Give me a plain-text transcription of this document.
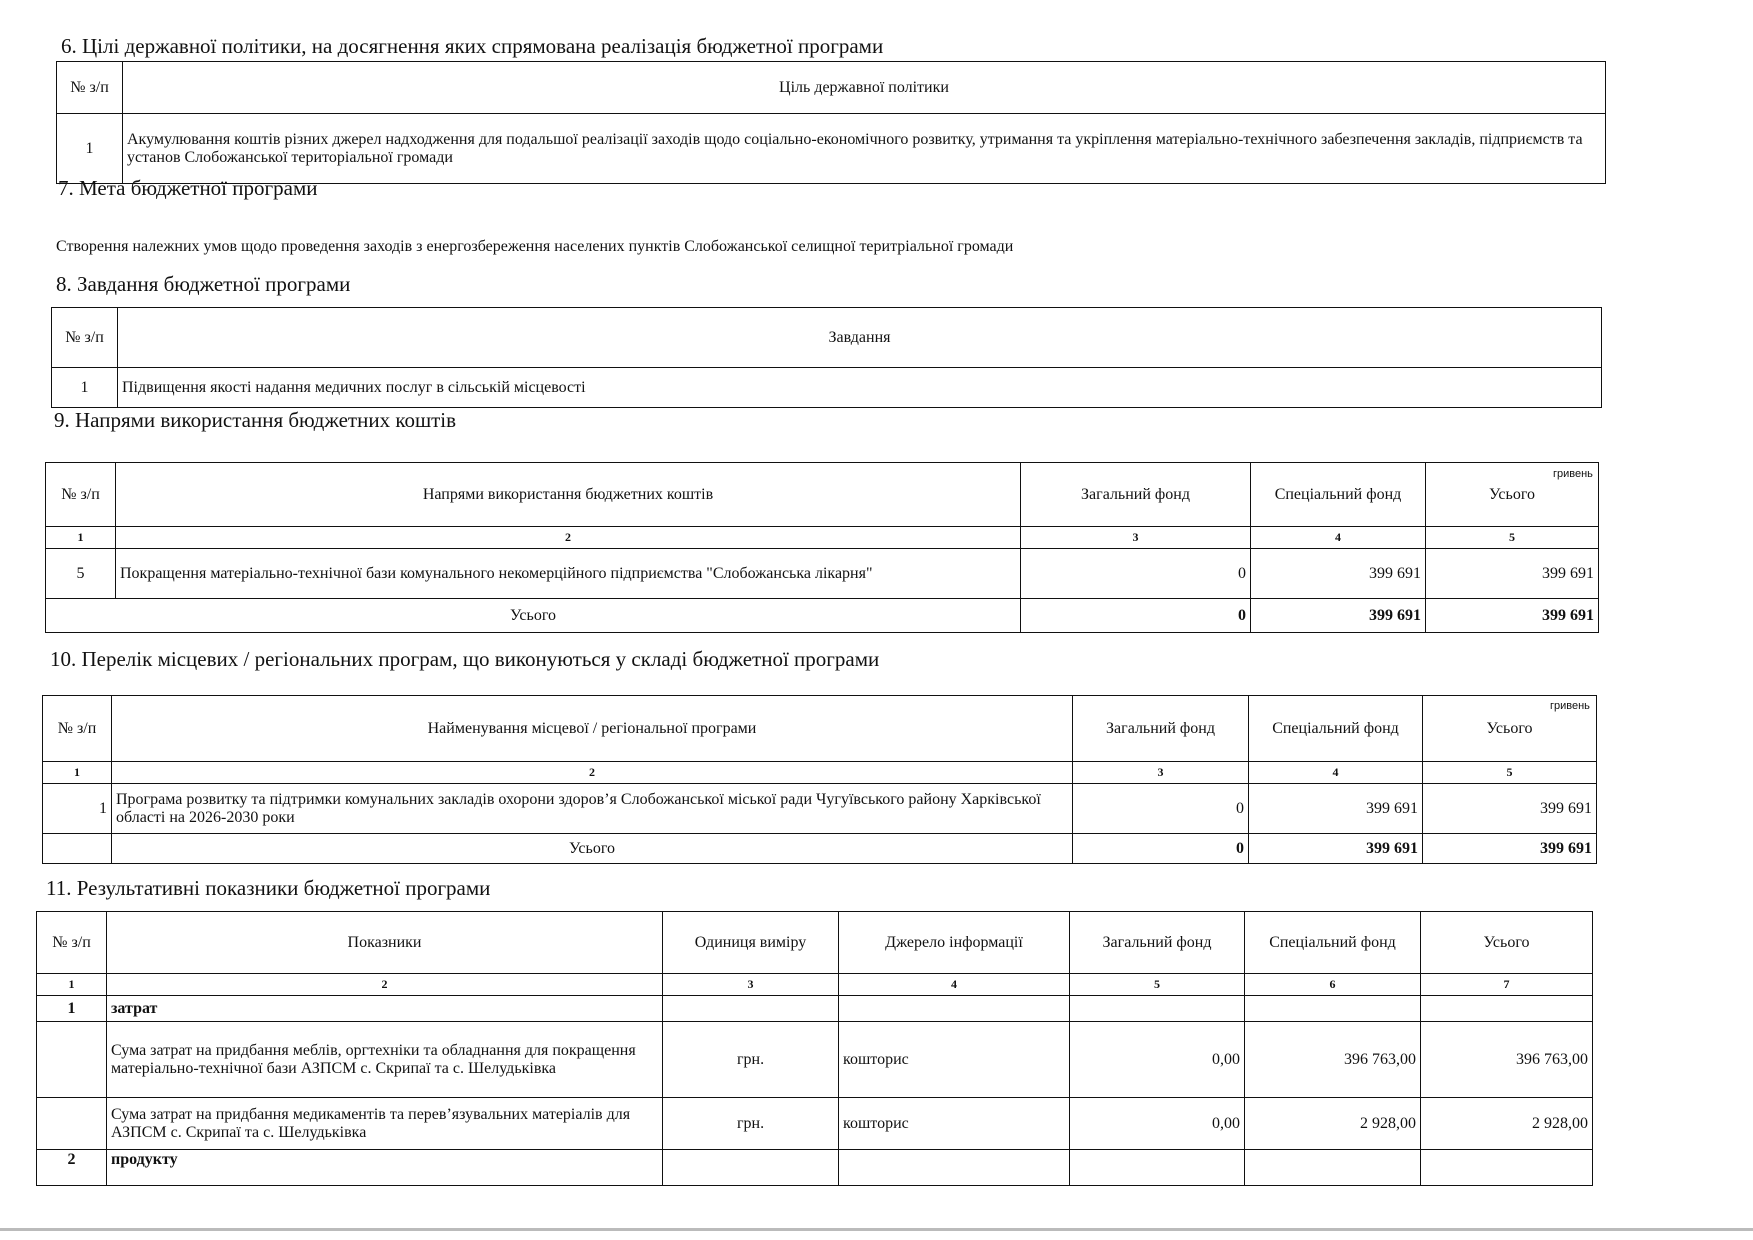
6. Цілі державної політики, на досягнення яких спрямована реалізація бюджетної програми
№ з/п	Ціль державної політики
1	Акумулювання коштів різних джерел надходження для подальшої реалізації заходів щодо соціально-економічного розвитку, утримання та укріплення матеріально-технічного забезпечення закладів, підприємств та установ Слобожанської територіальної громади
7. Мета бюджетної програми
Створення належних умов щодо проведення заходів з енергозбереження населених пунктів Слобожанської селищної теритріальної громади
8. Завдання бюджетної програми
№ з/п	Завдання
1	Підвищення якості надання медичних послуг в сільській місцевості
9. Напрями використання бюджетних коштів
гривень
№ з/п	Напрями використання бюджетних коштів	Загальний фонд	Спеціальний фонд	Усього
1	2	3	4	5
5	Покращення матеріально-технічної бази комунального некомерційного підприємства "Слобожанська лікарня"	0	399 691	399 691
Усього		0	399 691	399 691
10. Перелік місцевих / регіональних програм, що виконуються у складі бюджетної програми
гривень
№ з/п	Найменування місцевої / регіональної програми	Загальний фонд	Спеціальний фонд	Усього
1	2	3	4	5
1	Програма розвитку та підтримки комунальних закладів охорони здоров’я Слобожанської міської ради Чугуївського району Харківської області на 2026-2030 роки	0	399 691	399 691
	Усього	0	399 691	399 691
11. Результативні показники бюджетної програми
№ з/п	Показники	Одиниця виміру	Джерело інформації	Загальний фонд	Спеціальний фонд	Усього
1	2	3	4	5	6	7
1	затрат					
	Сума затрат на придбання меблів, оргтехніки та обладнання для покращення матеріально-технічної бази АЗПСМ с. Скрипаї та с. Шелудьківка	грн.	кошторис	0,00	396 763,00	396 763,00
	Сума затрат на придбання медикаментів та перев’язувальних матеріалів для АЗПСМ с. Скрипаї та с. Шелудьківка	грн.	кошторис	0,00	2 928,00	2 928,00
2	продукту					
